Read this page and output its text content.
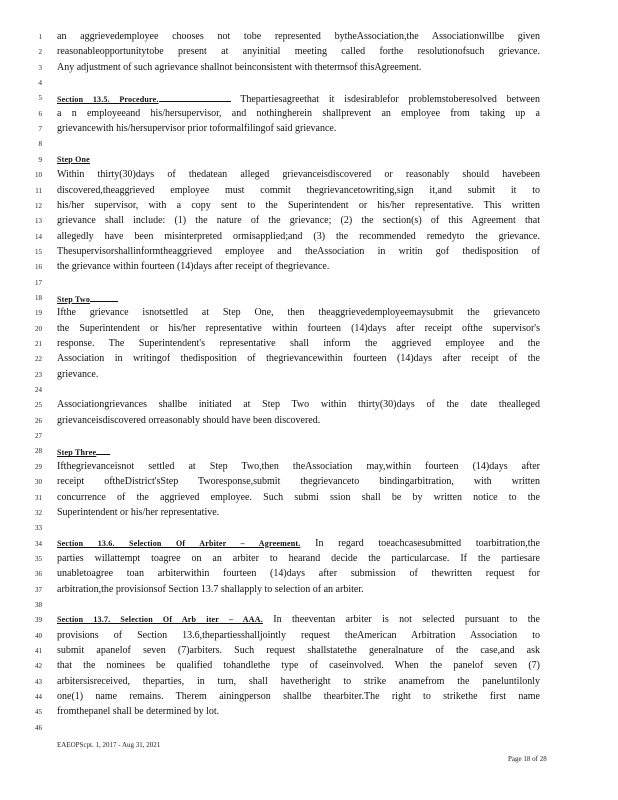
1 an aggrievedemployee chooses not tobe represented bytheAssociation,the Associationwillbe given
2 reasonableopportunitytobe present at anyinitial meeting called forthe resolutionofsuch grievance.
3 Any adjustment of such agrievance shallnot beinconsistent with thetermsof thisAgreement.
4
5 Section 13.5. Procedure.	Thepartiesagreethat it isdesirablefor problemstoberesolved between
6 a n employeeand his/hersupervisor, and nothingherein shallprevent an employee from taking up a
7 grievancewith his/hersupervisor prior toformalfilingof said grievance.
8
9 Step One
10 Within thirty(30)days of thedatean alleged grievanceisdiscovered or reasonably should havebeen
11 discovered,theaggrieved employee must commit thegrievancetowriting,sign it,and submit it to
12 his/her supervisor, with a copy sent to the Superintendent or his/her representative. This written
13 grievance shall include: (1) the nature of the grievance; (2) the section(s) of this Agreement that
14 allegedly have been misinterpreted ormisapplied;and (3) the recommended remedyto the grievance.
15 Thesupervisorshallinformtheaggrieved employee and theAssociation in writin gof thedisposition of
16 the grievance within fourteen (14)days after receipt of thegrievance.
17
18 Step Two
19 Ifthe grievance isnotsettled at Step One, then theaggrievedemployeemaysubmit the grievanceto
20 the Superintendent or his/her representative within fourteen (14)days after receipt ofthe supervisor's
21 response. The Superintendent's representative shall inform the aggrieved employee and the
22 Association in writingof thedisposition of thegrievancewithin fourteen (14)days after receipt of the
23 grievance.
24
25 Associationgrievances shallbe initiated at Step Two within thirty(30)days of the date thealleged
26 grievanceisdiscovered orreasonably should have been discovered.
27
28 Step Three
29 Ifthegrievanceisnot settled at Step Two,then theAssociation may,within fourteen (14)days after
30 receipt oftheDistrict'sStep Tworesponse,submit thegrievanceto bindingarbitration, with written
31 concurrence of the aggrieved employee. Such submi ssion shall be by written notice to the
32 Superintendent or his/her representative.
33
34 Section 13.6. Selection Of Arbiter – Agreement. In regard toeachcasesubmitted toarbitration,the
35 parties willattempt toagree on an arbiter to hearand decide the particularcase. If the partiesare
36 unabletoagree toan arbiterwithin fourteen (14)days after submission of thewritten request for
37 arbitration,the provisionsof Section 13.7 shallapply to selection of an arbiter.
38
39 Section 13.7. Selection Of Arb iter – AAA. In theeventan arbiter is not selected pursuant to the
40 provisions of Section 13.6,thepartiesshalljointly request theAmerican Arbitration Association to
41 submit apanelof seven (7)arbiters. Such request shallstatethe generalnature of the case,and ask
42 that the nominees be qualified tohandlethe type of caseinvolved. When the panelof seven (7)
43 arbitersisreceived, theparties, in turn, shall havetheright to strike anamefrom the paneluntilonly
44 one(1) name remains. Therem ainingperson shallbe thearbiter.The right to strikethe first name
45 fromthepanel shall be determined by lot.
46
EAEOPScpt. 1, 2017 - Aug 31, 2021
Page 18 of 28
